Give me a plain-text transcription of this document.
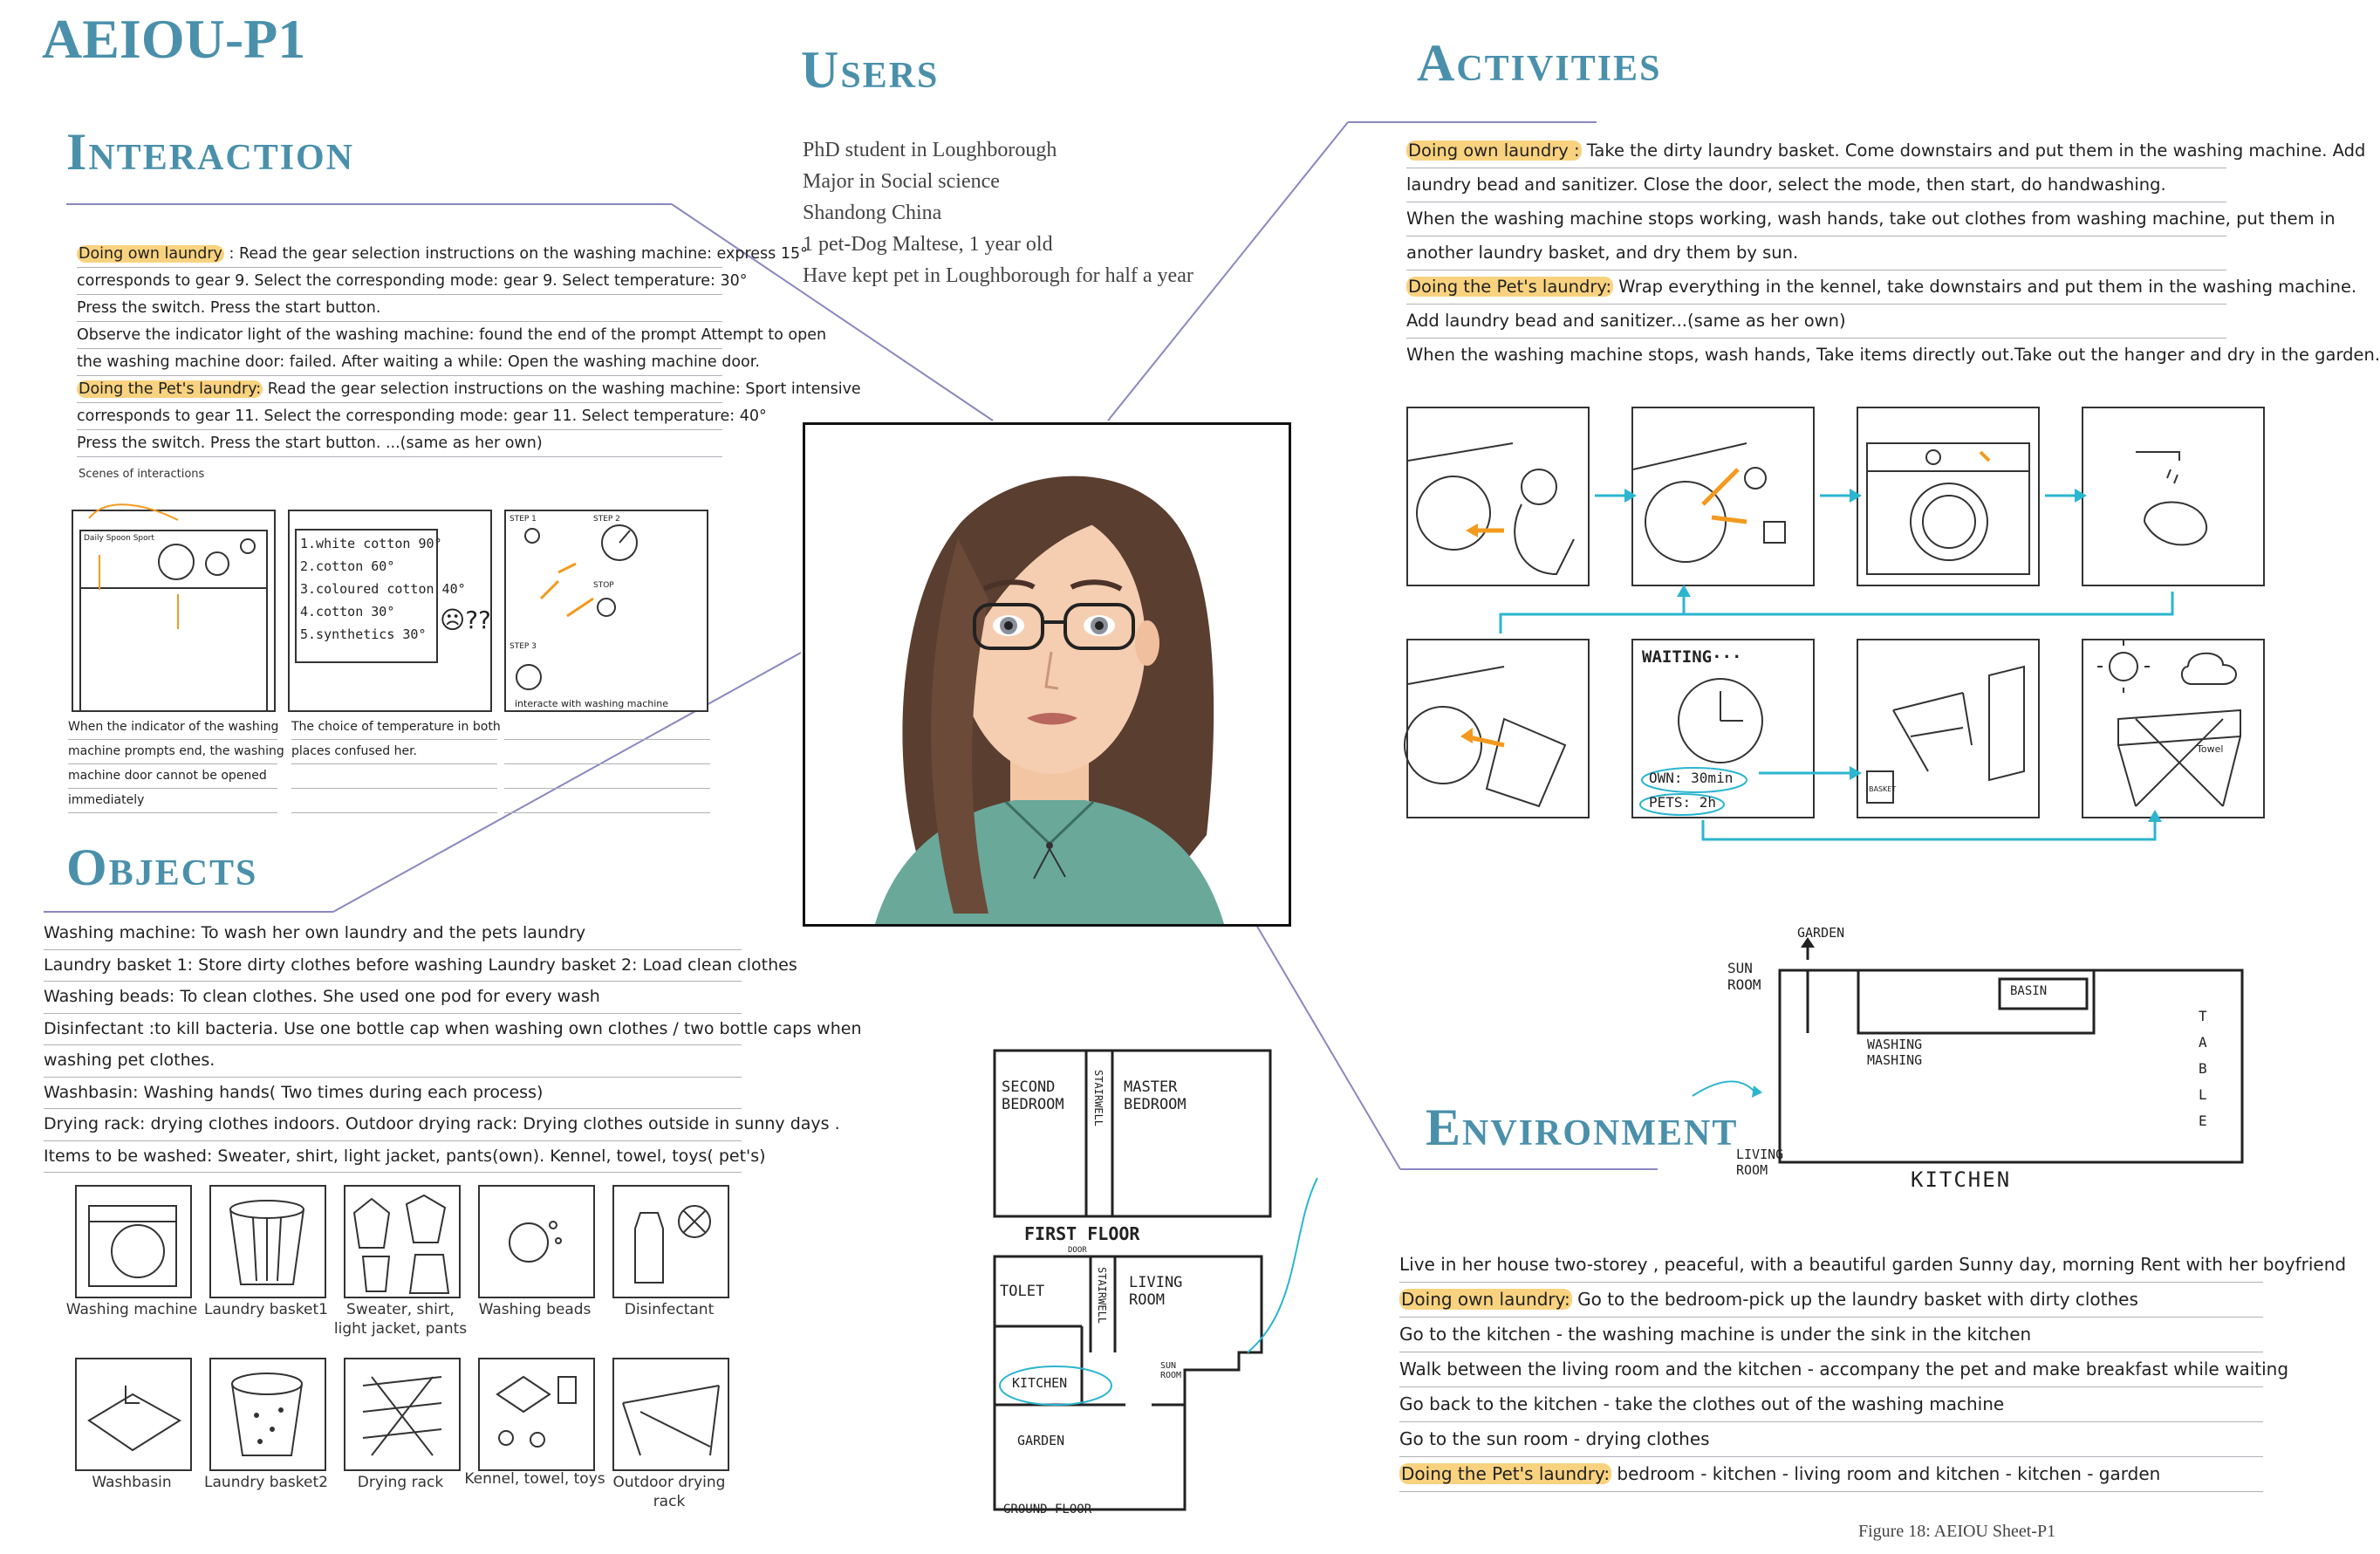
AEIOU-P1
Interaction
Doing own laundry : Read the gear selection instructions on the washing machine: express 15°
corresponds to gear 9. Select the corresponding mode: gear 9. Select temperature: 30°
Press the switch. Press the start button.
Observe the indicator light of the washing machine: found the end of the prompt Attempt to open
the washing machine door: failed. After waiting a while: Open the washing machine door.
Doing the Pet's laundry: Read the gear selection instructions on the washing machine: Sport intensive
corresponds to gear 11. Select the corresponding mode: gear 11. Select temperature: 40°
Press the switch. Press the start button. ...(same as her own)
Scenes of interactions
Daily Spoon Sport	1.white cotton 90°
2.cotton 60°
3.coloured cotton 40°
4.cotton 30°
5.synthetics 30° ☹??
STEP 1	STEP 2
STOP
STEP 3
interacte with washing machine
When the indicator of the washing
machine prompts end, the washing
machine door cannot be opened
immediately
The choice of temperature in both
places confused her.

Users
PhD student in Loughborough
Major in Social science
Shandong China
1 pet-Dog Maltese, 1 year old
Have kept pet in Loughborough for half a year
Activities
Doing own laundry : Take the dirty laundry basket. Come downstairs and put them in the washing machine. Add
laundry bead and sanitizer. Close the door, select the mode, then start, do handwashing.
When the washing machine stops working, wash hands, take out clothes from washing machine, put them in
another laundry basket, and dry them by sun.
Doing the Pet's laundry: Wrap everything in the kennel, take downstairs and put them in the washing machine.
Add laundry bead and sanitizer...(same as her own)
When the washing machine stops, wash hands, Take items directly out.Take out the hanger and dry in the garden.
WAITING···
OWN: 30min
PETS: 2h
BASKET
Towel
Objects
Washing machine: To wash her own laundry and the pets laundry
Laundry basket 1: Store dirty clothes before washing Laundry basket 2: Load clean clothes
Washing beads: To clean clothes. She used one pod for every wash
Disinfectant :to kill bacteria. Use one bottle cap when washing own clothes / two bottle caps when
washing pet clothes.
Washbasin: Washing hands( Two times during each process)
Drying rack: drying clothes indoors. Outdoor drying rack: Drying clothes outside in sunny days .
Items to be washed: Sweater, shirt, light jacket, pants(own). Kennel, towel, toys( pet's)
Washing machine Laundry basket1	Sweater, shirt,
light jacket, pants
Washing beads	Disinfectant
Washbasin	Laundry basket2	Drying rack	Kennel, towel, toys Outdoor drying rack
SECOND
BEDROOM	STAIRWELL MASTER
BEDROOM
FIRST FLOOR
TOLET
DOOR
STAIRWELL LIVING
ROOM
SUN
ROOM
KITCHEN
GARDEN
GROUND FLOOR
Environment
GARDEN
SUN
ROOM	BASIN
WASHING
MASHING
T
A
B
L
E
LIVING
ROOM	KITCHEN
Live in her house two-storey , peaceful, with a beautiful garden Sunny day, morning Rent with her boyfriend
Doing own laundry: Go to the bedroom-pick up the laundry basket with dirty clothes
Go to the kitchen - the washing machine is under the sink in the kitchen
Walk between the living room and the kitchen - accompany the pet and make breakfast while waiting
Go back to the kitchen - take the clothes out of the washing machine
Go to the sun room - drying clothes
Doing the Pet's laundry: bedroom - kitchen - living room and kitchen - kitchen - garden
Figure 18: AEIOU Sheet-P1
